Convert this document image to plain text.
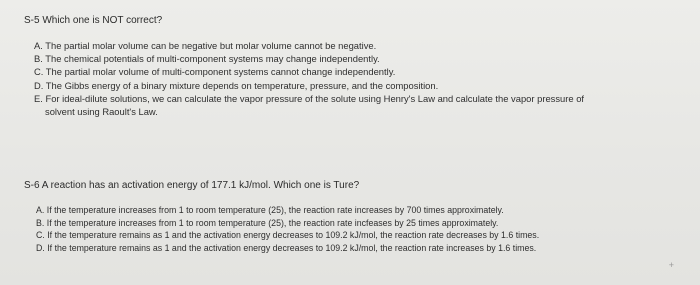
S-5 Which one is NOT correct?
A. The partial molar volume can be negative but molar volume cannot be negative.
B. The chemical potentials of multi-component systems may change independently.
C. The partial molar volume of multi-component systems cannot change independently.
D. The Gibbs energy of a binary mixture depends on temperature, pressure, and the composition.
E. For ideal-dilute solutions, we can calculate the vapor pressure of the solute using Henry's Law and calculate the vapor pressure of
solvent using Raoult's Law.
S-6 A reaction has an activation energy of 177.1 kJ/mol. Which one is Ture?
A. If the temperature increases from 1 to room temperature (25), the reaction rate increases by 700 times approximately.
B. If the temperature increases from 1 to room temperature (25), the reaction rate incfeases by 25 times approximately.
C. If the temperature remains as 1 and the activation energy decreases to 109.2 kJ/mol, the reaction rate decreases by 1.6 times.
D. If the temperature remains as 1 and the activation energy decreases to 109.2 kJ/mol, the reaction rate increases by 1.6 times.
+
